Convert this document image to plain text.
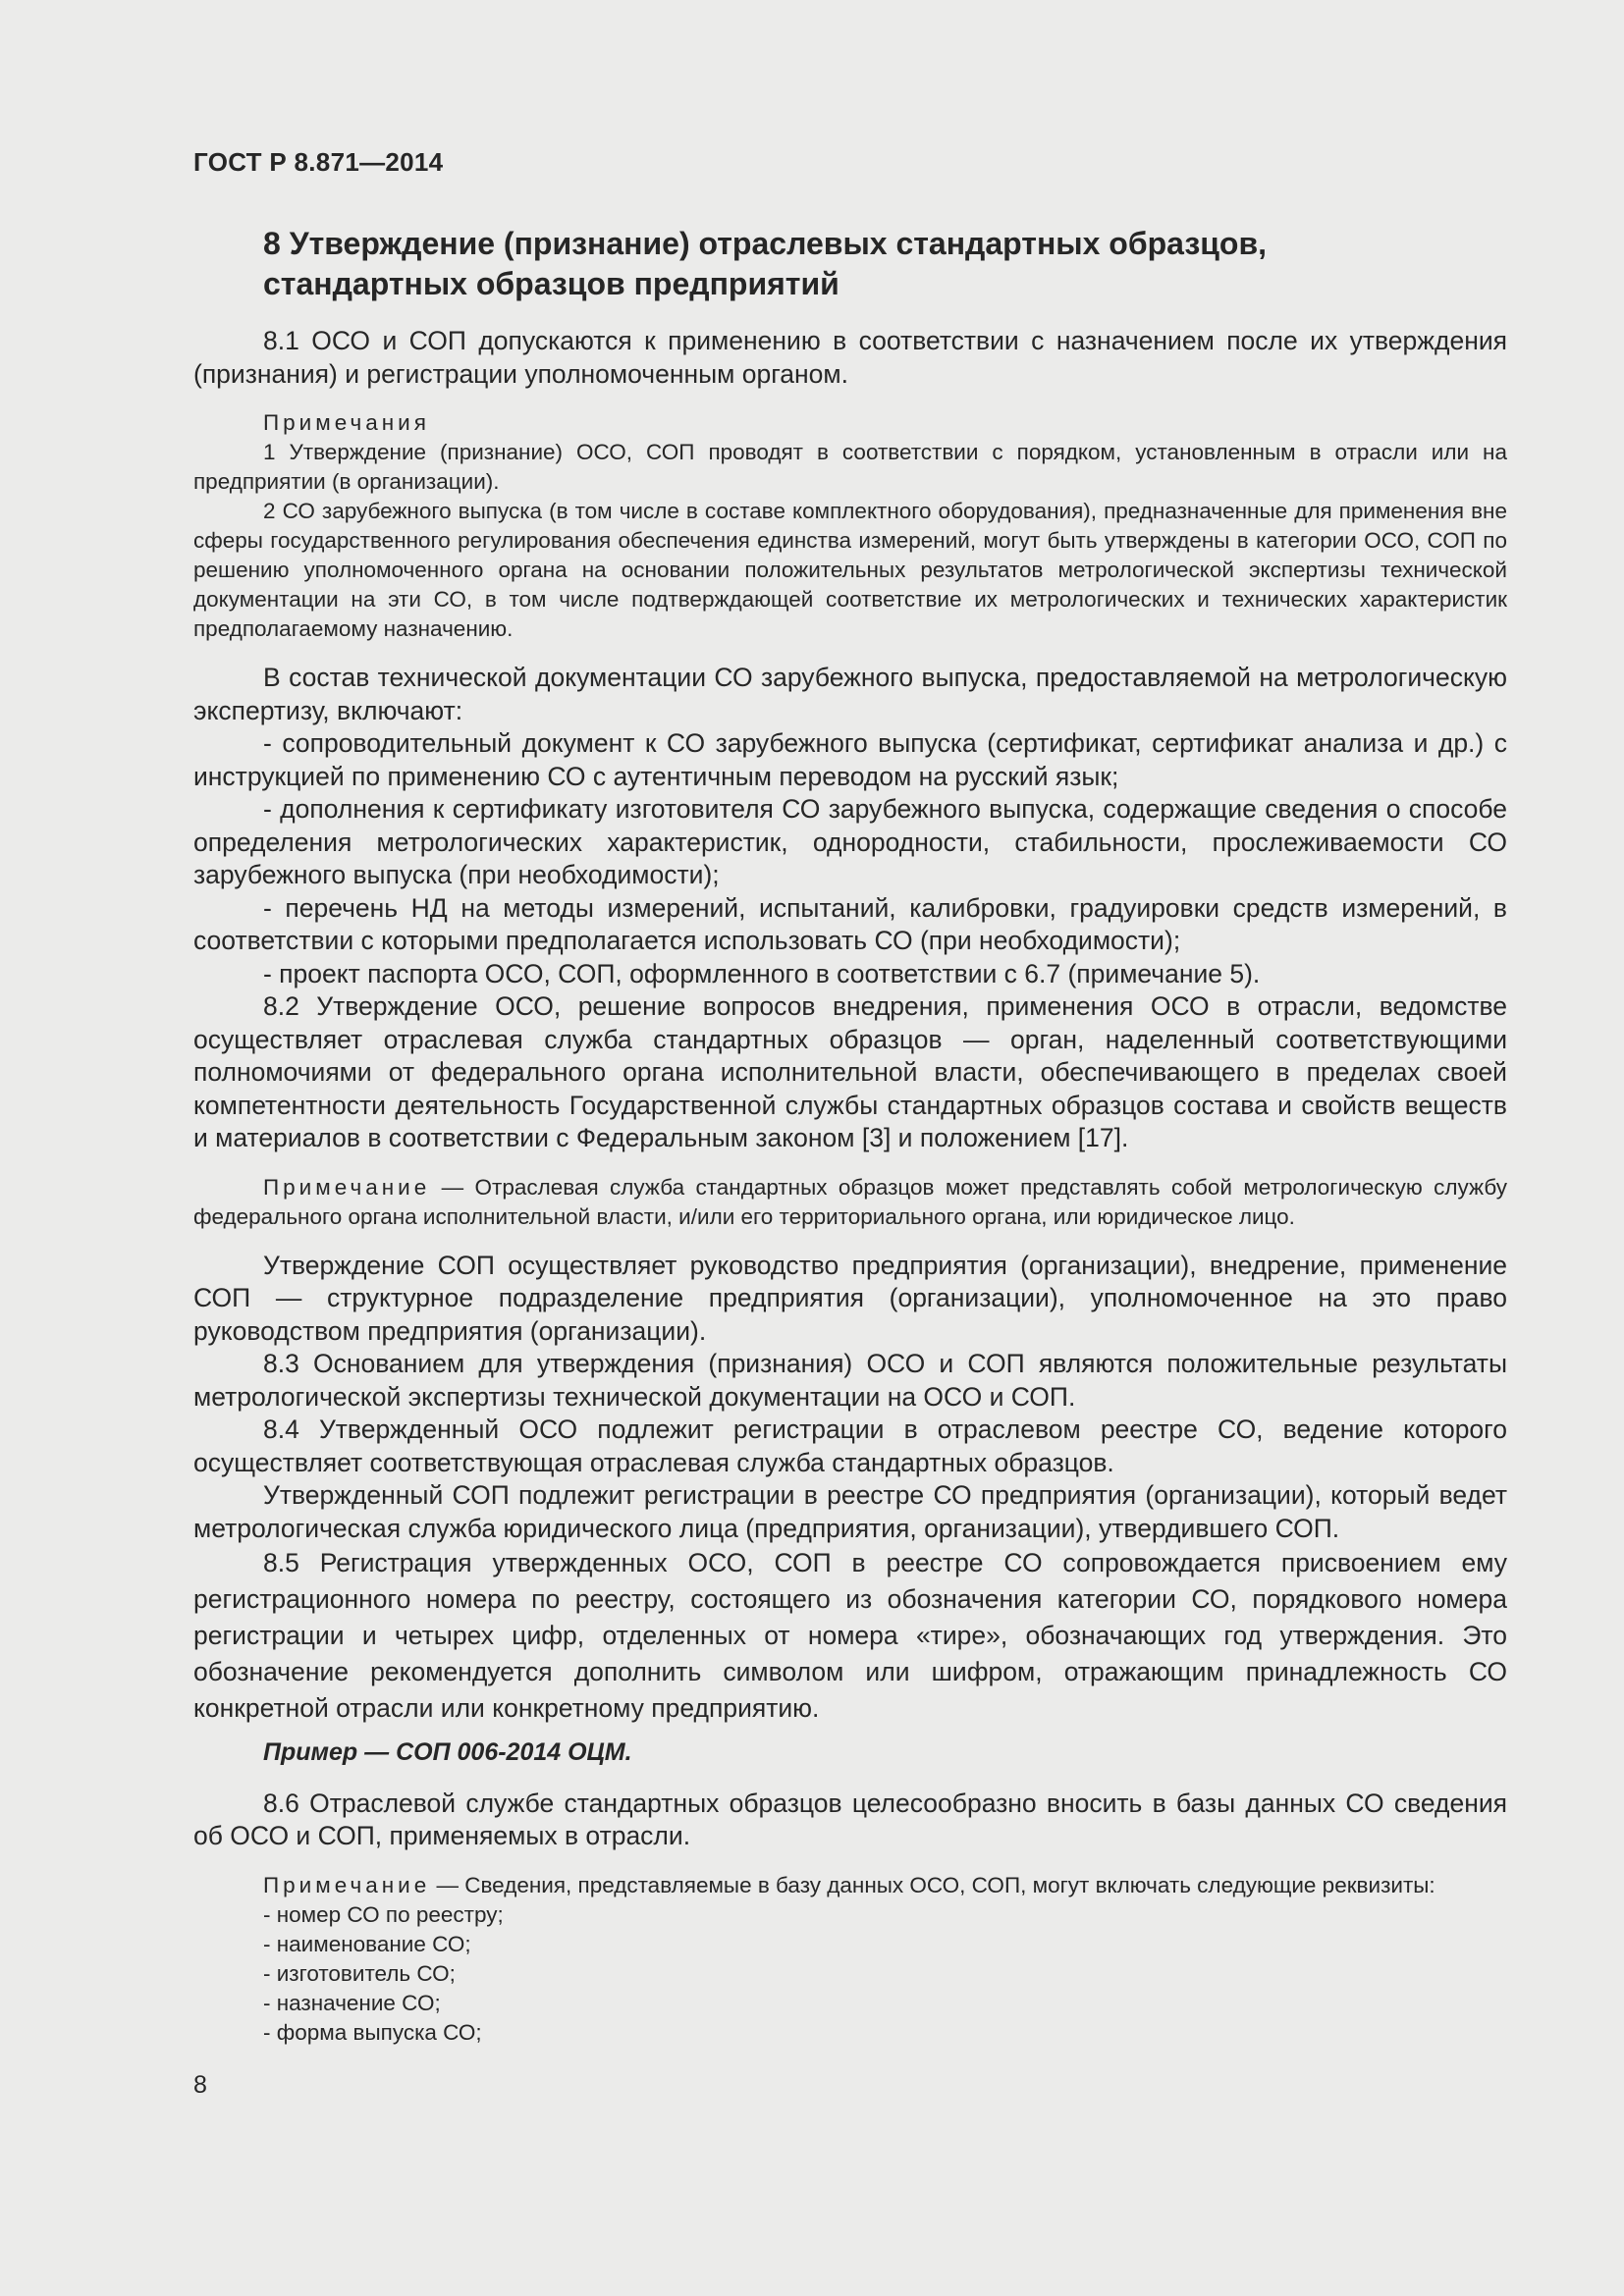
ГОСТ Р 8.871—2014
8 Утверждение (признание) отраслевых стандартных образцов,
стандартных образцов предприятий

8.1 ОСО и СОП допускаются к применению в соответствии с назначением после их утверждения (признания) и регистрации уполномоченным органом.

Примечания

1 Утверждение (признание) ОСО, СОП проводят в соответствии с порядком, установленным в отрасли или на предприятии (в организации).

2 СО зарубежного выпуска (в том числе в составе комплектного оборудования), предназначенные для применения вне сферы государственного регулирования обеспечения единства измерений, могут быть утверждены в категории ОСО, СОП по решению уполномоченного органа на основании положительных результатов метрологической экспертизы технической документации на эти СО, в том числе подтверждающей соответствие их метрологических и технических характеристик предполагаемому назначению.

В состав технической документации СО зарубежного выпуска, предоставляемой на метрологическую экспертизу, включают:

- сопроводительный документ к СО зарубежного выпуска (сертификат, сертификат анализа и др.) с инструкцией по применению СО с аутентичным переводом на русский язык;

- дополнения к сертификату изготовителя СО зарубежного выпуска, содержащие сведения о способе определения метрологических характеристик, однородности, стабильности, прослеживаемости СО зарубежного выпуска (при необходимости);

- перечень НД на методы измерений, испытаний, калибровки, градуировки средств измерений, в соответствии с которыми предполагается использовать СО (при необходимости);

- проект паспорта ОСО, СОП, оформленного в соответствии с 6.7 (примечание 5).

8.2 Утверждение ОСО, решение вопросов внедрения, применения ОСО в отрасли, ведомстве осуществляет отраслевая служба стандартных образцов — орган, наделенный соответствующими полномочиями от федерального органа исполнительной власти, обеспечивающего в пределах своей компетентности деятельность Государственной службы стандартных образцов состава и свойств веществ и материалов в соответствии с Федеральным законом [3] и положением [17].

Примечание — Отраслевая служба стандартных образцов может представлять собой метрологическую службу федерального органа исполнительной власти, и/или его территориального органа, или юридическое лицо.

Утверждение СОП осуществляет руководство предприятия (организации), внедрение, применение СОП — структурное подразделение предприятия (организации), уполномоченное на это право руководством предприятия (организации).

8.3 Основанием для утверждения (признания) ОСО и СОП являются положительные результаты метрологической экспертизы технической документации на ОСО и СОП.

8.4 Утвержденный ОСО подлежит регистрации в отраслевом реестре СО, ведение которого осуществляет соответствующая отраслевая служба стандартных образцов.

Утвержденный СОП подлежит регистрации в реестре СО предприятия (организации), который ведет метрологическая служба юридического лица (предприятия, организации), утвердившего СОП.

8.5 Регистрация утвержденных ОСО, СОП в реестре СО сопровождается присвоением ему регистрационного номера по реестру, состоящего из обозначения категории СО, порядкового номера регистрации и четырех цифр, отделенных от номера «тире», обозначающих год утверждения. Это обозначение рекомендуется дополнить символом или шифром, отражающим принадлежность СО конкретной отрасли или конкретному предприятию.

Пример — СОП 006-2014 ОЦМ.

8.6 Отраслевой службе стандартных образцов целесообразно вносить в базы данных СО сведения об ОСО и СОП, применяемых в отрасли.

Примечание — Сведения, представляемые в базу данных ОСО, СОП, могут включать следующие реквизиты:

- номер СО по реестру;

- наименование СО;

- изготовитель СО;

- назначение СО;

- форма выпуска СО;

8
